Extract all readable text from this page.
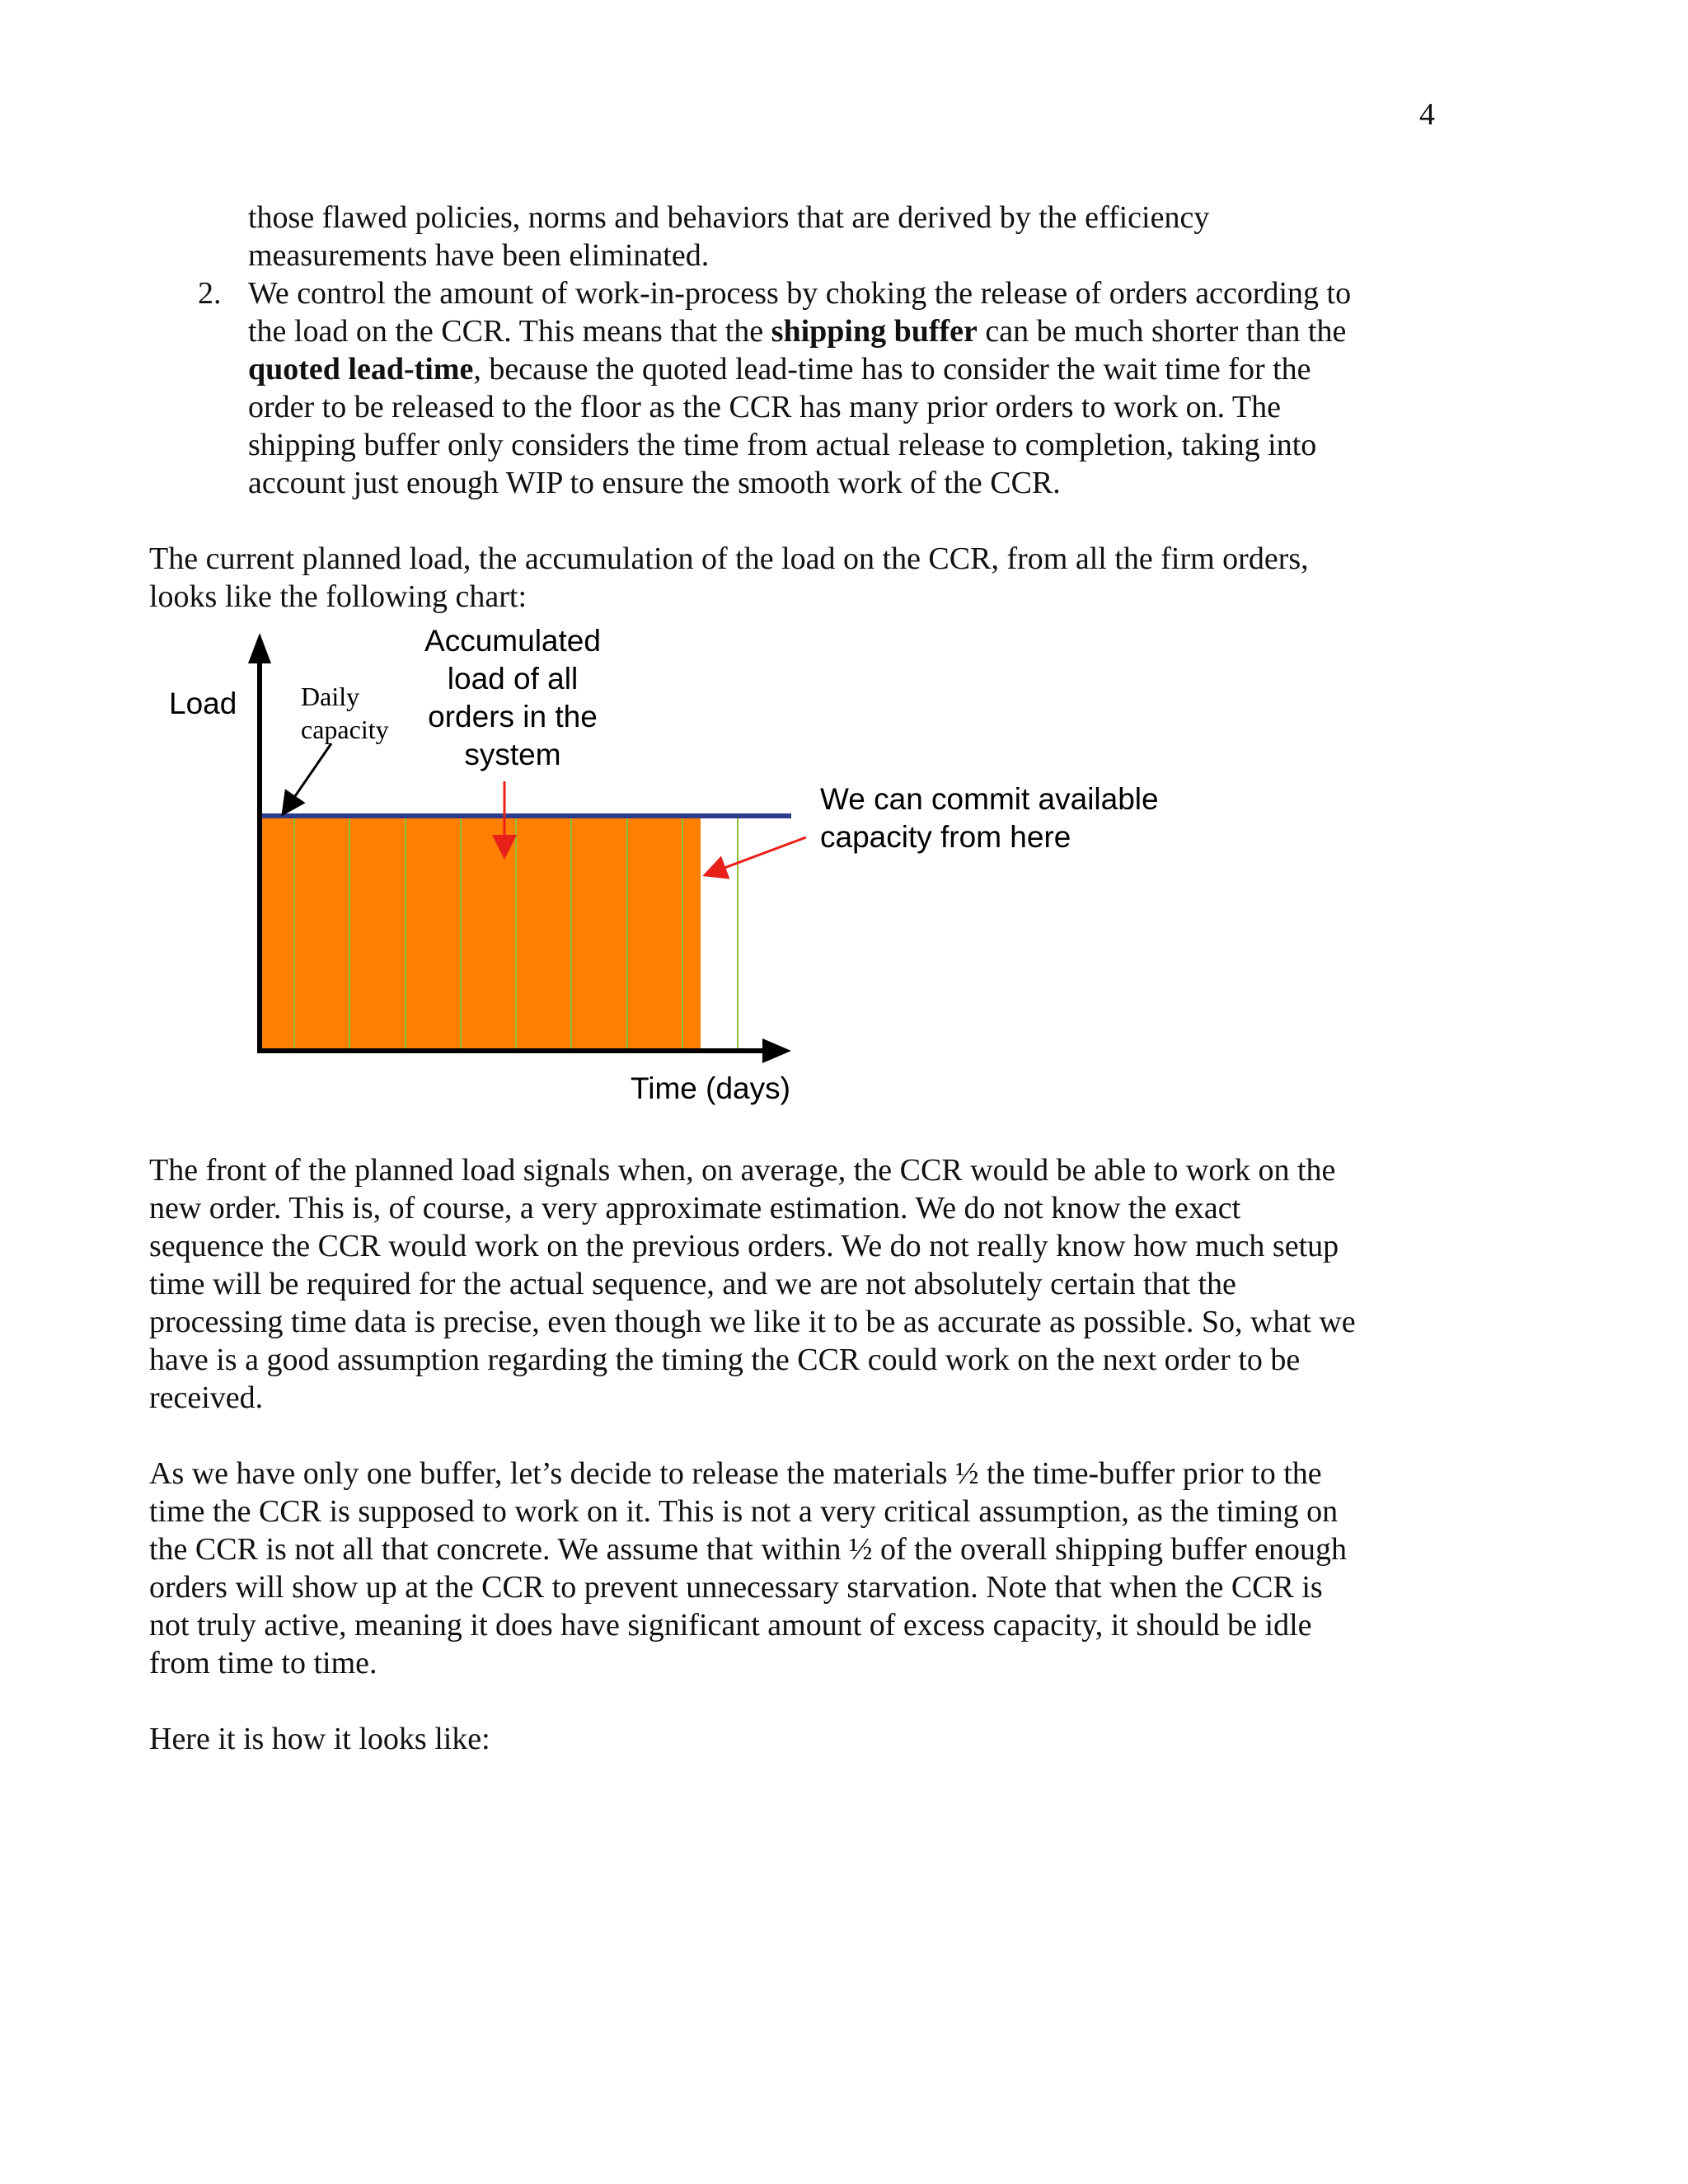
4
those flawed policies, norms and behaviors that are derived by the efficiency
measurements have been eliminated.
2. We control the amount of work-in-process by choking the release of orders according to
the load on the CCR. This means that the shipping buffer can be much shorter than the
quoted lead-time, because the quoted lead-time has to consider the wait time for the
order to be released to the floor as the CCR has many prior orders to work on. The
shipping buffer only considers the time from actual release to completion, taking into
account just enough WIP to ensure the smooth work of the CCR.
The current planned load, the accumulation of the load on the CCR, from all the firm orders,
looks like the following chart:
Load
Time (days)
Daily
capacity
Accumulated
load of all
orders in the
system
We can commit available
capacity from here
The front of the planned load signals when, on average, the CCR would be able to work on the
new order. This is, of course, a very approximate estimation. We do not know the exact
sequence the CCR would work on the previous orders. We do not really know how much setup
time will be required for the actual sequence, and we are not absolutely certain that the
processing time data is precise, even though we like it to be as accurate as possible. So, what we
have is a good assumption regarding the timing the CCR could work on the next order to be
received.
As we have only one buffer, let’s decide to release the materials ½ the time-buffer prior to the
time the CCR is supposed to work on it. This is not a very critical assumption, as the timing on
the CCR is not all that concrete. We assume that within ½ of the overall shipping buffer enough
orders will show up at the CCR to prevent unnecessary starvation. Note that when the CCR is
not truly active, meaning it does have significant amount of excess capacity, it should be idle
from time to time.
Here it is how it looks like:
